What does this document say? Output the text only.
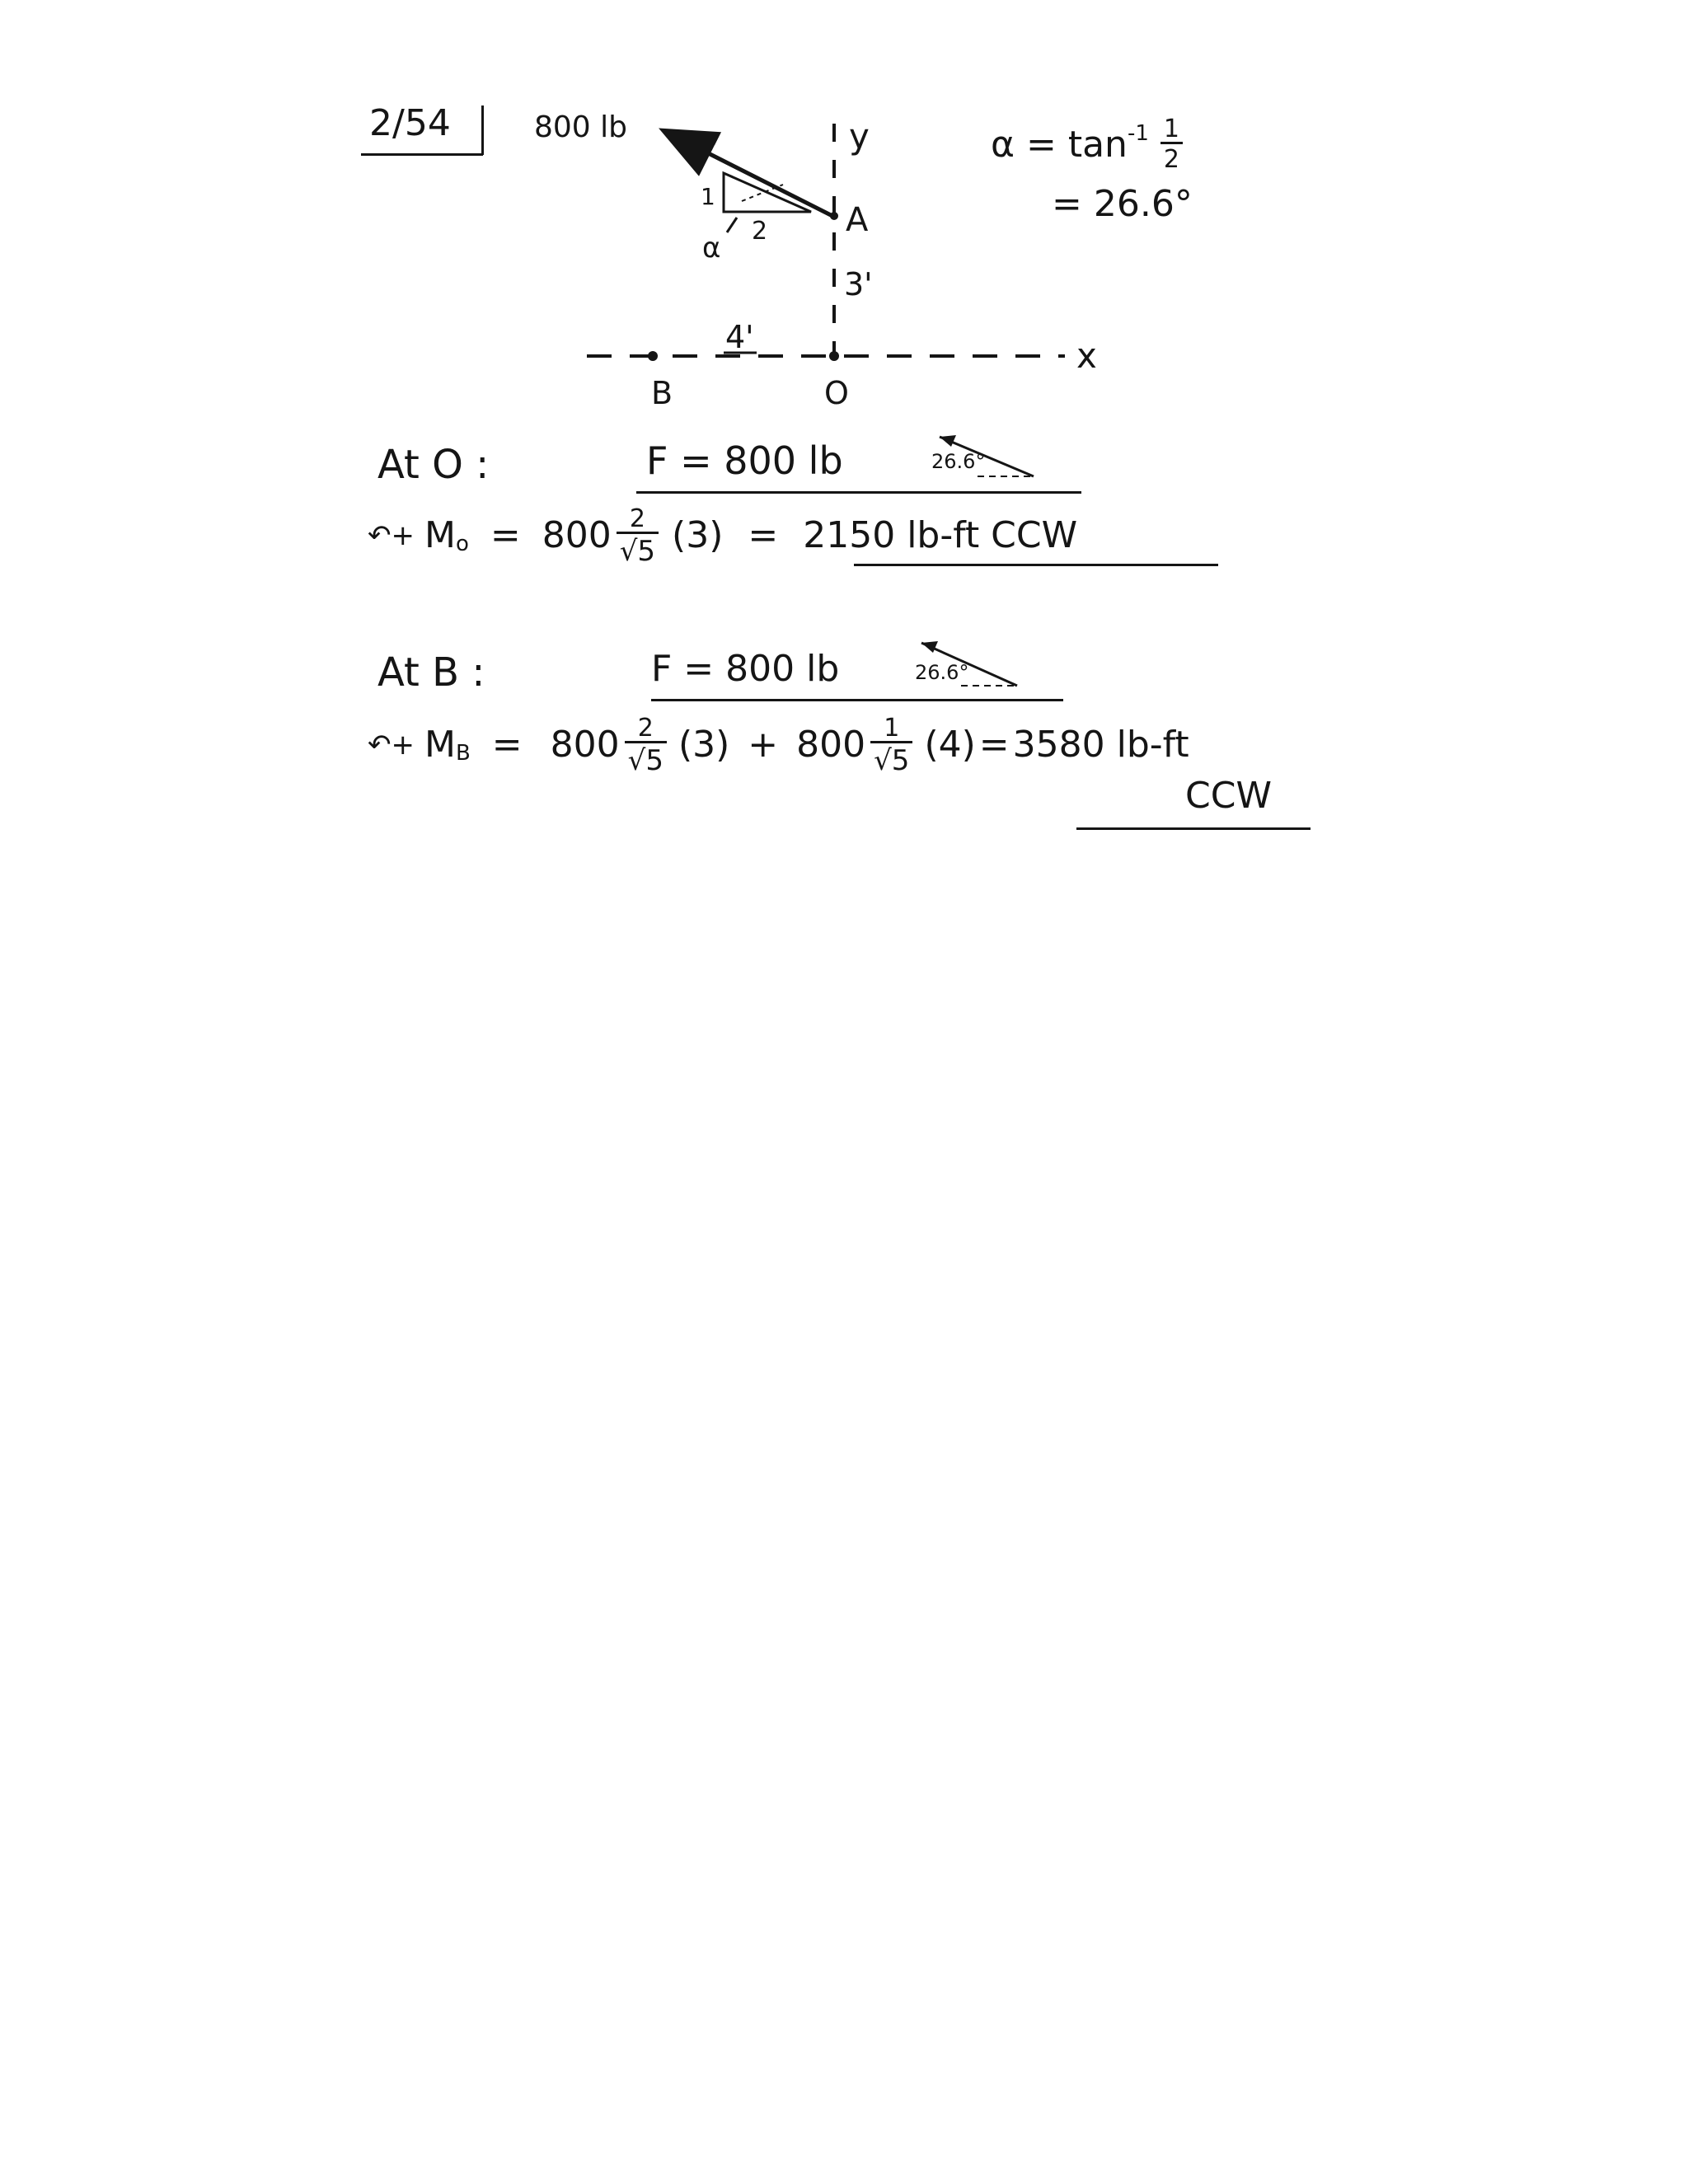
2/54	y
x
800 lb
1
2
α
A
3'
4'
B	O
$\alpha = \tan^{-1} \frac{1}{2}$
= 26.6°
At O :	F = 800 lb	26.6°
↶+ $M_o = 800 \frac{2}{√5} (3) = 2150$ lb-ft CCW
At B :	F = 800 lb	26.6°
↶+ $M_B = 800 \frac{2}{√5} (3) + 800 \frac{1}{√5} (4) = 3580$ lb-ft
CCW
